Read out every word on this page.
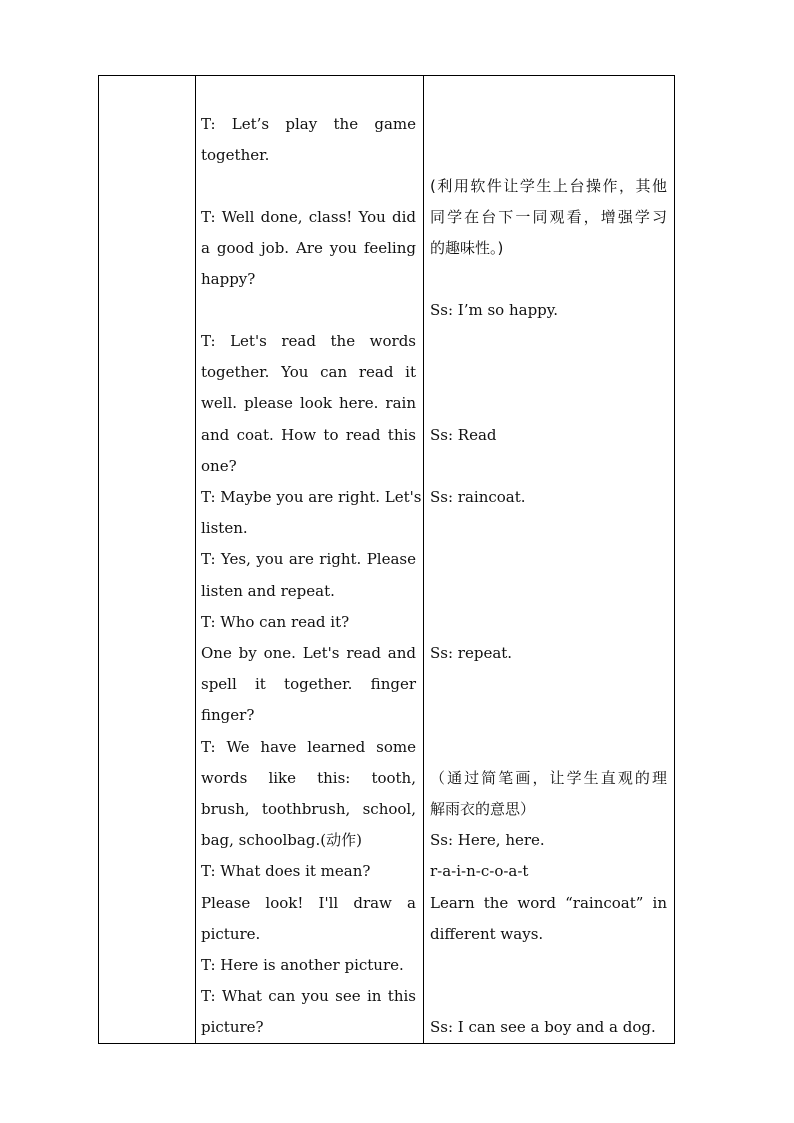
T: Let’s play the game
together.
T: Well done, class! You did
a good job. Are you feeling
happy?
T: Let's read the words
together. You can read it
well. please look here. rain
and coat. How to read this
one?
T: Maybe you are right. Let's
listen.
T: Yes, you are right. Please
listen and repeat.
T: Who can read it?
One by one. Let's read and
spell it together. finger
finger?
T: We have learned some
words like this: tooth,
brush, toothbrush, school,
bag, schoolbag.(动作)
T: What does it mean?
Please look! I'll draw a
picture.
T: Here is another picture.
T: What can you see in this
picture?
(利用软件让学生上台操作，其他
同学在台下一同观看，增强学习
的趣味性。)
Ss: I’m so happy.
Ss: Read
Ss: raincoat.
Ss: repeat.
（通过简笔画，让学生直观的理
解雨衣的意思）
Ss: Here, here.
r-a-i-n-c-o-a-t
Learn the word “raincoat” in
different ways.
Ss: I can see a boy and a dog.
